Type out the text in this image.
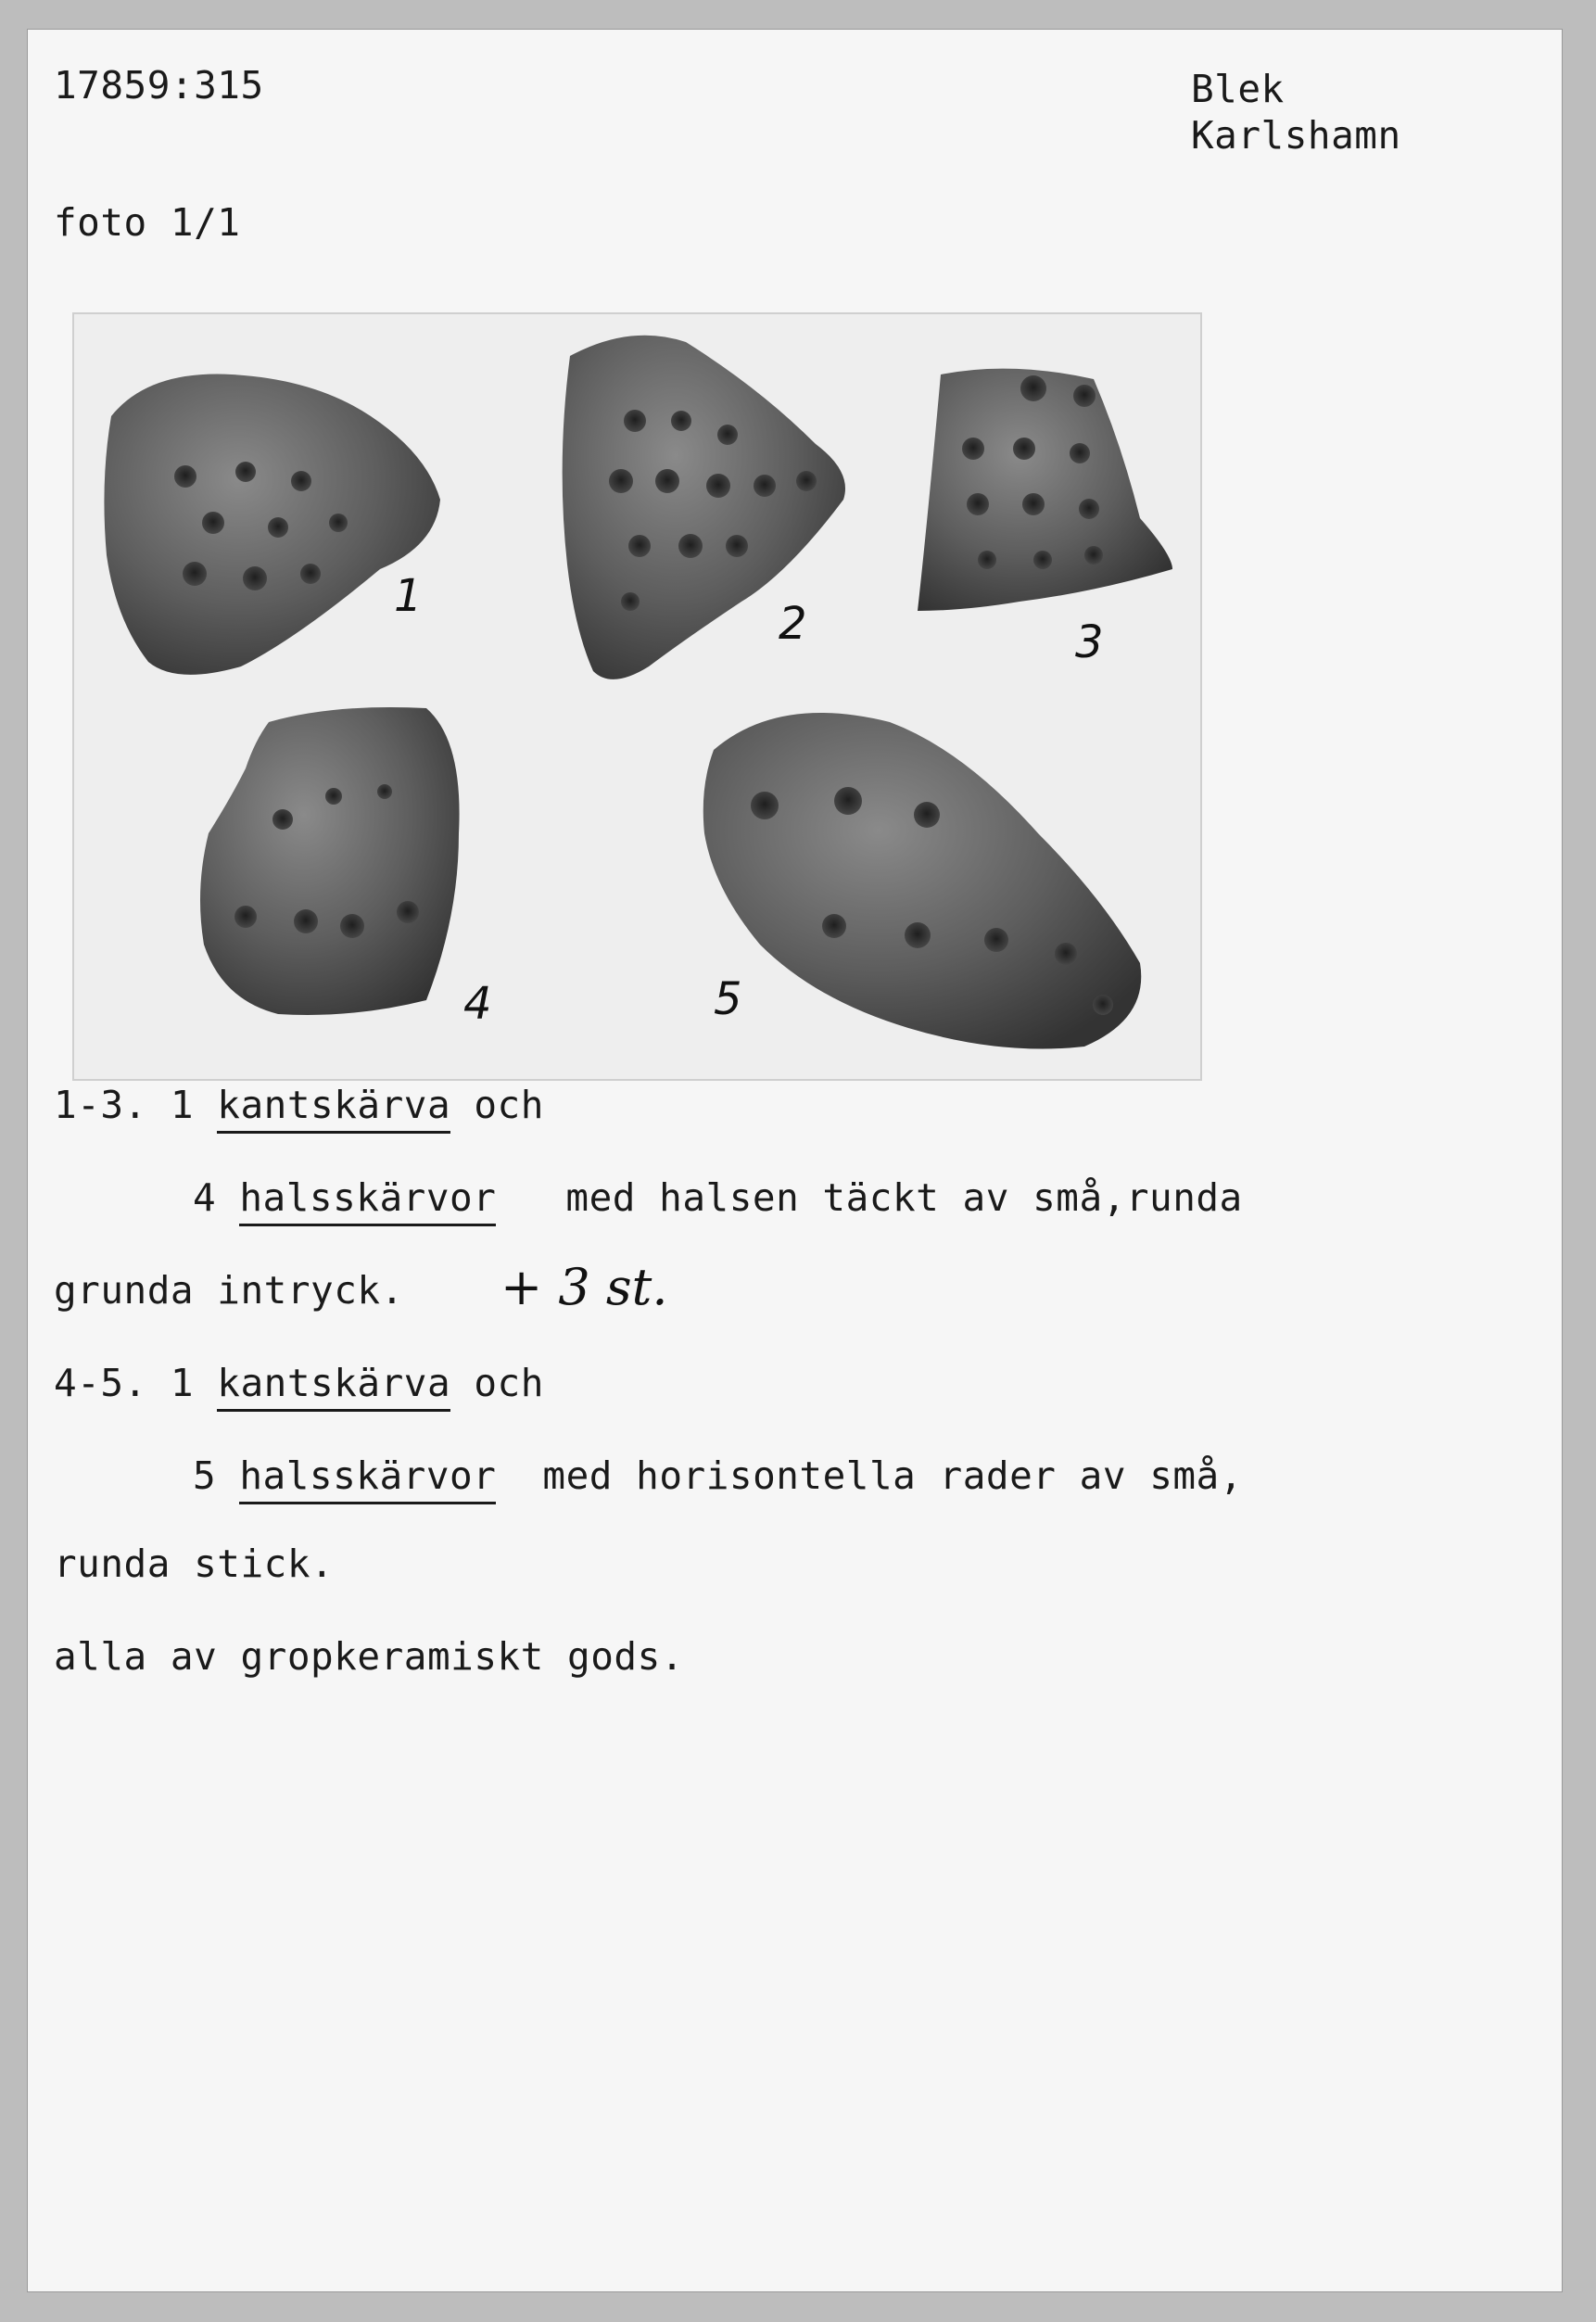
17859:315	Blek
Karlshamn
foto 1/1
1
2	3
4	5
1-3. 1 kantskärva och
4 halsskärvor med halsen täckt av små,runda
grunda intryck. + 3 st.
4-5. 1 kantskärva och
5 halsskärvor med horisontella rader av små,
runda stick.
alla av gropkeramiskt gods.
